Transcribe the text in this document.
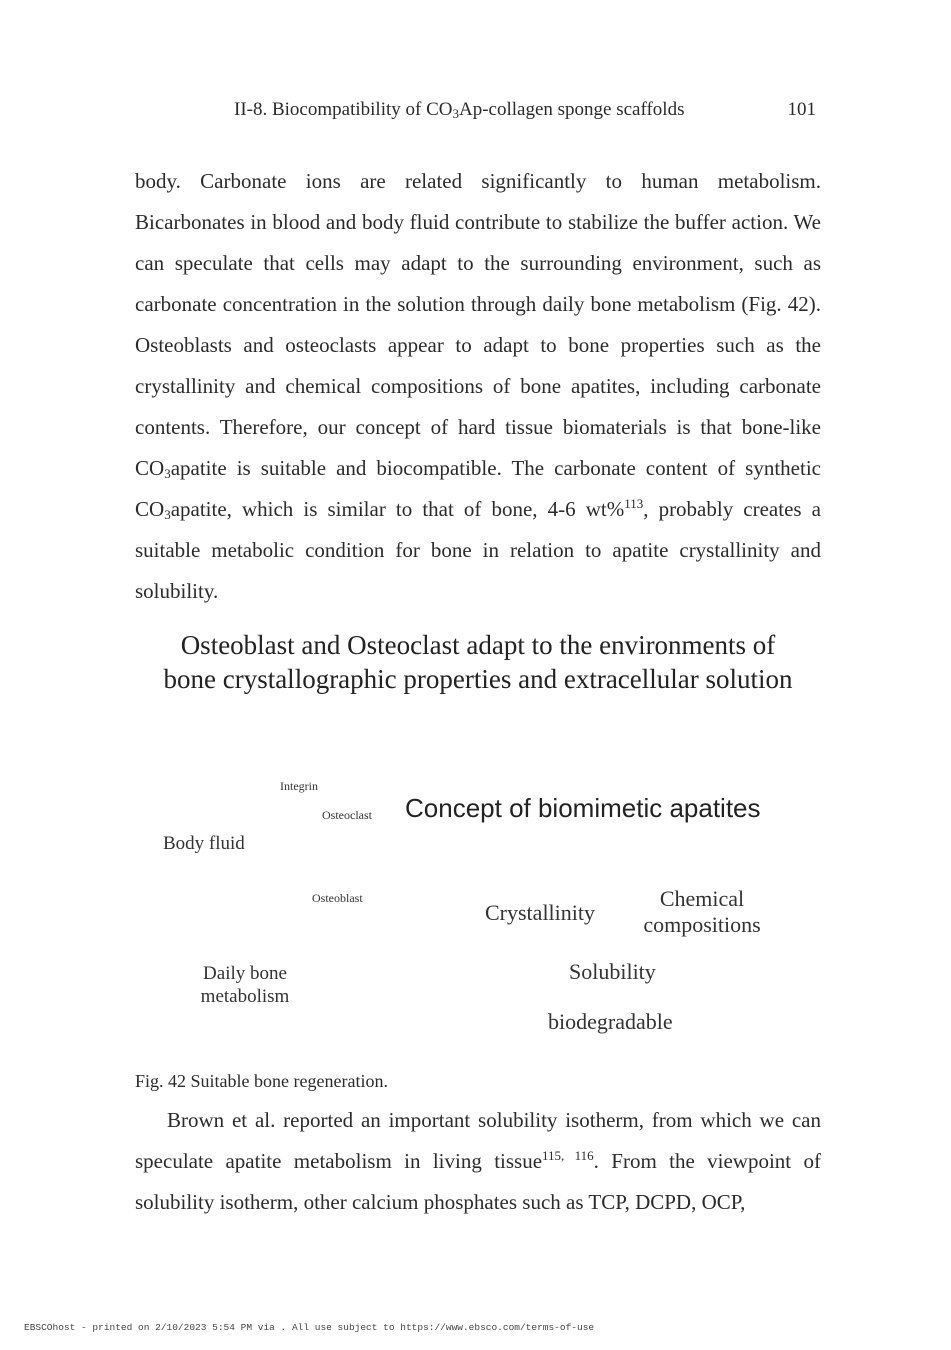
II-8. Biocompatibility of $CO_3Ap$-collagen sponge scaffolds	101

body. Carbonate ions are related significantly to human metabolism. Bicarbonates in blood and body fluid contribute to stabilize the buffer action. We can speculate that cells may adapt to the surrounding environment, such as carbonate concentration in the solution through daily bone metabolism (Fig. 42). Osteoblasts and osteoclasts appear to adapt to bone properties such as the crystallinity and chemical compositions of bone apatites, including carbonate contents. Therefore, our concept of hard tissue biomaterials is that bone-like $CO_3apatite$ is suitable and biocompatible. The carbonate content of synthetic $CO_3apatite$, which is similar to that of bone, 4-6 wt%$^{113}$, probably creates a suitable metabolic condition for bone in relation to apatite crystallinity and solubility.

Osteoblast and Osteoclast adapt to the environments of
bone crystallographic properties and extracellular solution
Integrin
Osteoclast
Body fluid
Osteoblast
Daily bone
metabolism
Concept of biomimetic apatites
Crystallinity
Chemical
compositions
Solubility
biodegradable
Fig. 42 Suitable bone regeneration.

Brown et al. reported an important solubility isotherm, from which we can speculate apatite metabolism in living tissue$^{115, 116}$. From the viewpoint of solubility isotherm, other calcium phosphates such as TCP, DCPD, OCP,

EBSCOhost - printed on 2/10/2023 5:54 PM via . All use subject to https://www.ebsco.com/terms-of-use
